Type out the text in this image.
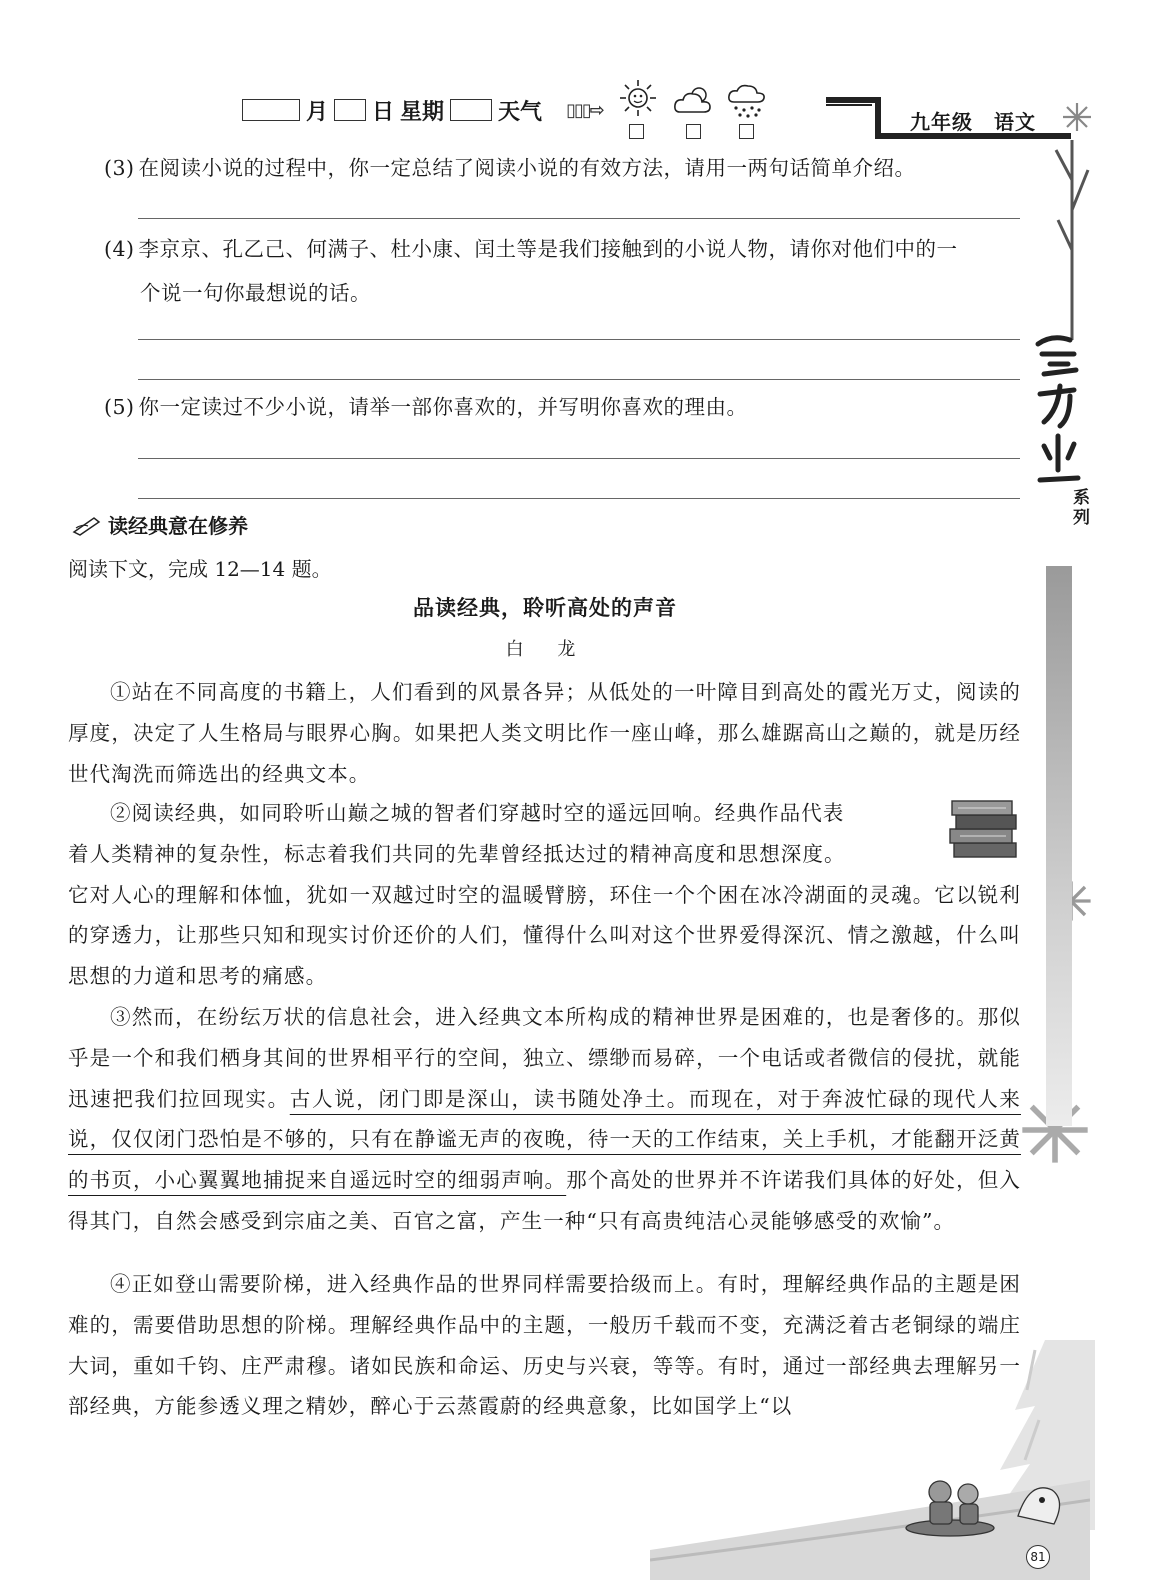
月 日 星期 天气 ▯▯▯⇨	九年级　语文
系列
(3) 在阅读小说的过程中，你一定总结了阅读小说的有效方法，请用一两句话简单介绍。
(4) 李京京、孔乙己、何满子、杜小康、闰土等是我们接触到的小说人物，请你对他们中的一
个说一句你最想说的话。
(5) 你一定读过不少小说，请举一部你喜欢的，并写明你喜欢的理由。
读经典意在修养
阅读下文，完成 12—14 题。
品读经典，聆听高处的声音
白 龙

①站在不同高度的书籍上，人们看到的风景各异；从低处的一叶障目到高处的霞光万丈，阅读的厚度，决定了人生格局与眼界心胸。如果把人类文明比作一座山峰，那么雄踞高山之巅的，就是历经世代淘洗而筛选出的经典文本。

②阅读经典，如同聆听山巅之城的智者们穿越时空的遥远回响。经典作品代表

着人类精神的复杂性，标志着我们共同的先辈曾经抵达过的精神高度和思想深度。

它对人心的理解和体恤，犹如一双越过时空的温暖臂膀，环住一个个困在冰冷湖面的灵魂。它以锐利的穿透力，让那些只知和现实讨价还价的人们，懂得什么叫对这个世界爱得深沉、情之激越，什么叫思想的力道和思考的痛感。

③然而，在纷纭万状的信息社会，进入经典文本所构成的精神世界是困难的，也是奢侈的。那似乎是一个和我们栖身其间的世界相平行的空间，独立、缥缈而易碎，一个电话或者微信的侵扰，就能迅速把我们拉回现实。古人说，闭门即是深山，读书随处净土。而现在，对于奔波忙碌的现代人来说，仅仅闭门恐怕是不够的，只有在静谧无声的夜晚，待一天的工作结束，关上手机，才能翻开泛黄的书页，小心翼翼地捕捉来自遥远时空的细弱声响。那个高处的世界并不许诺我们具体的好处，但入得其门，自然会感受到宗庙之美、百官之富，产生一种“只有高贵纯洁心灵能够感受的欢愉”。

④正如登山需要阶梯，进入经典作品的世界同样需要拾级而上。有时，理解经典作品的主题是困难的，需要借助思想的阶梯。理解经典作品中的主题，一般历千载而不变，充满泛着古老铜绿的端庄大词，重如千钧、庄严肃穆。诸如民族和命运、历史与兴衰，等等。有时，通过一部经典去理解另一部经典，方能参透义理之精妙，醉心于云蒸霞蔚的经典意象，比如国学上“以

81
